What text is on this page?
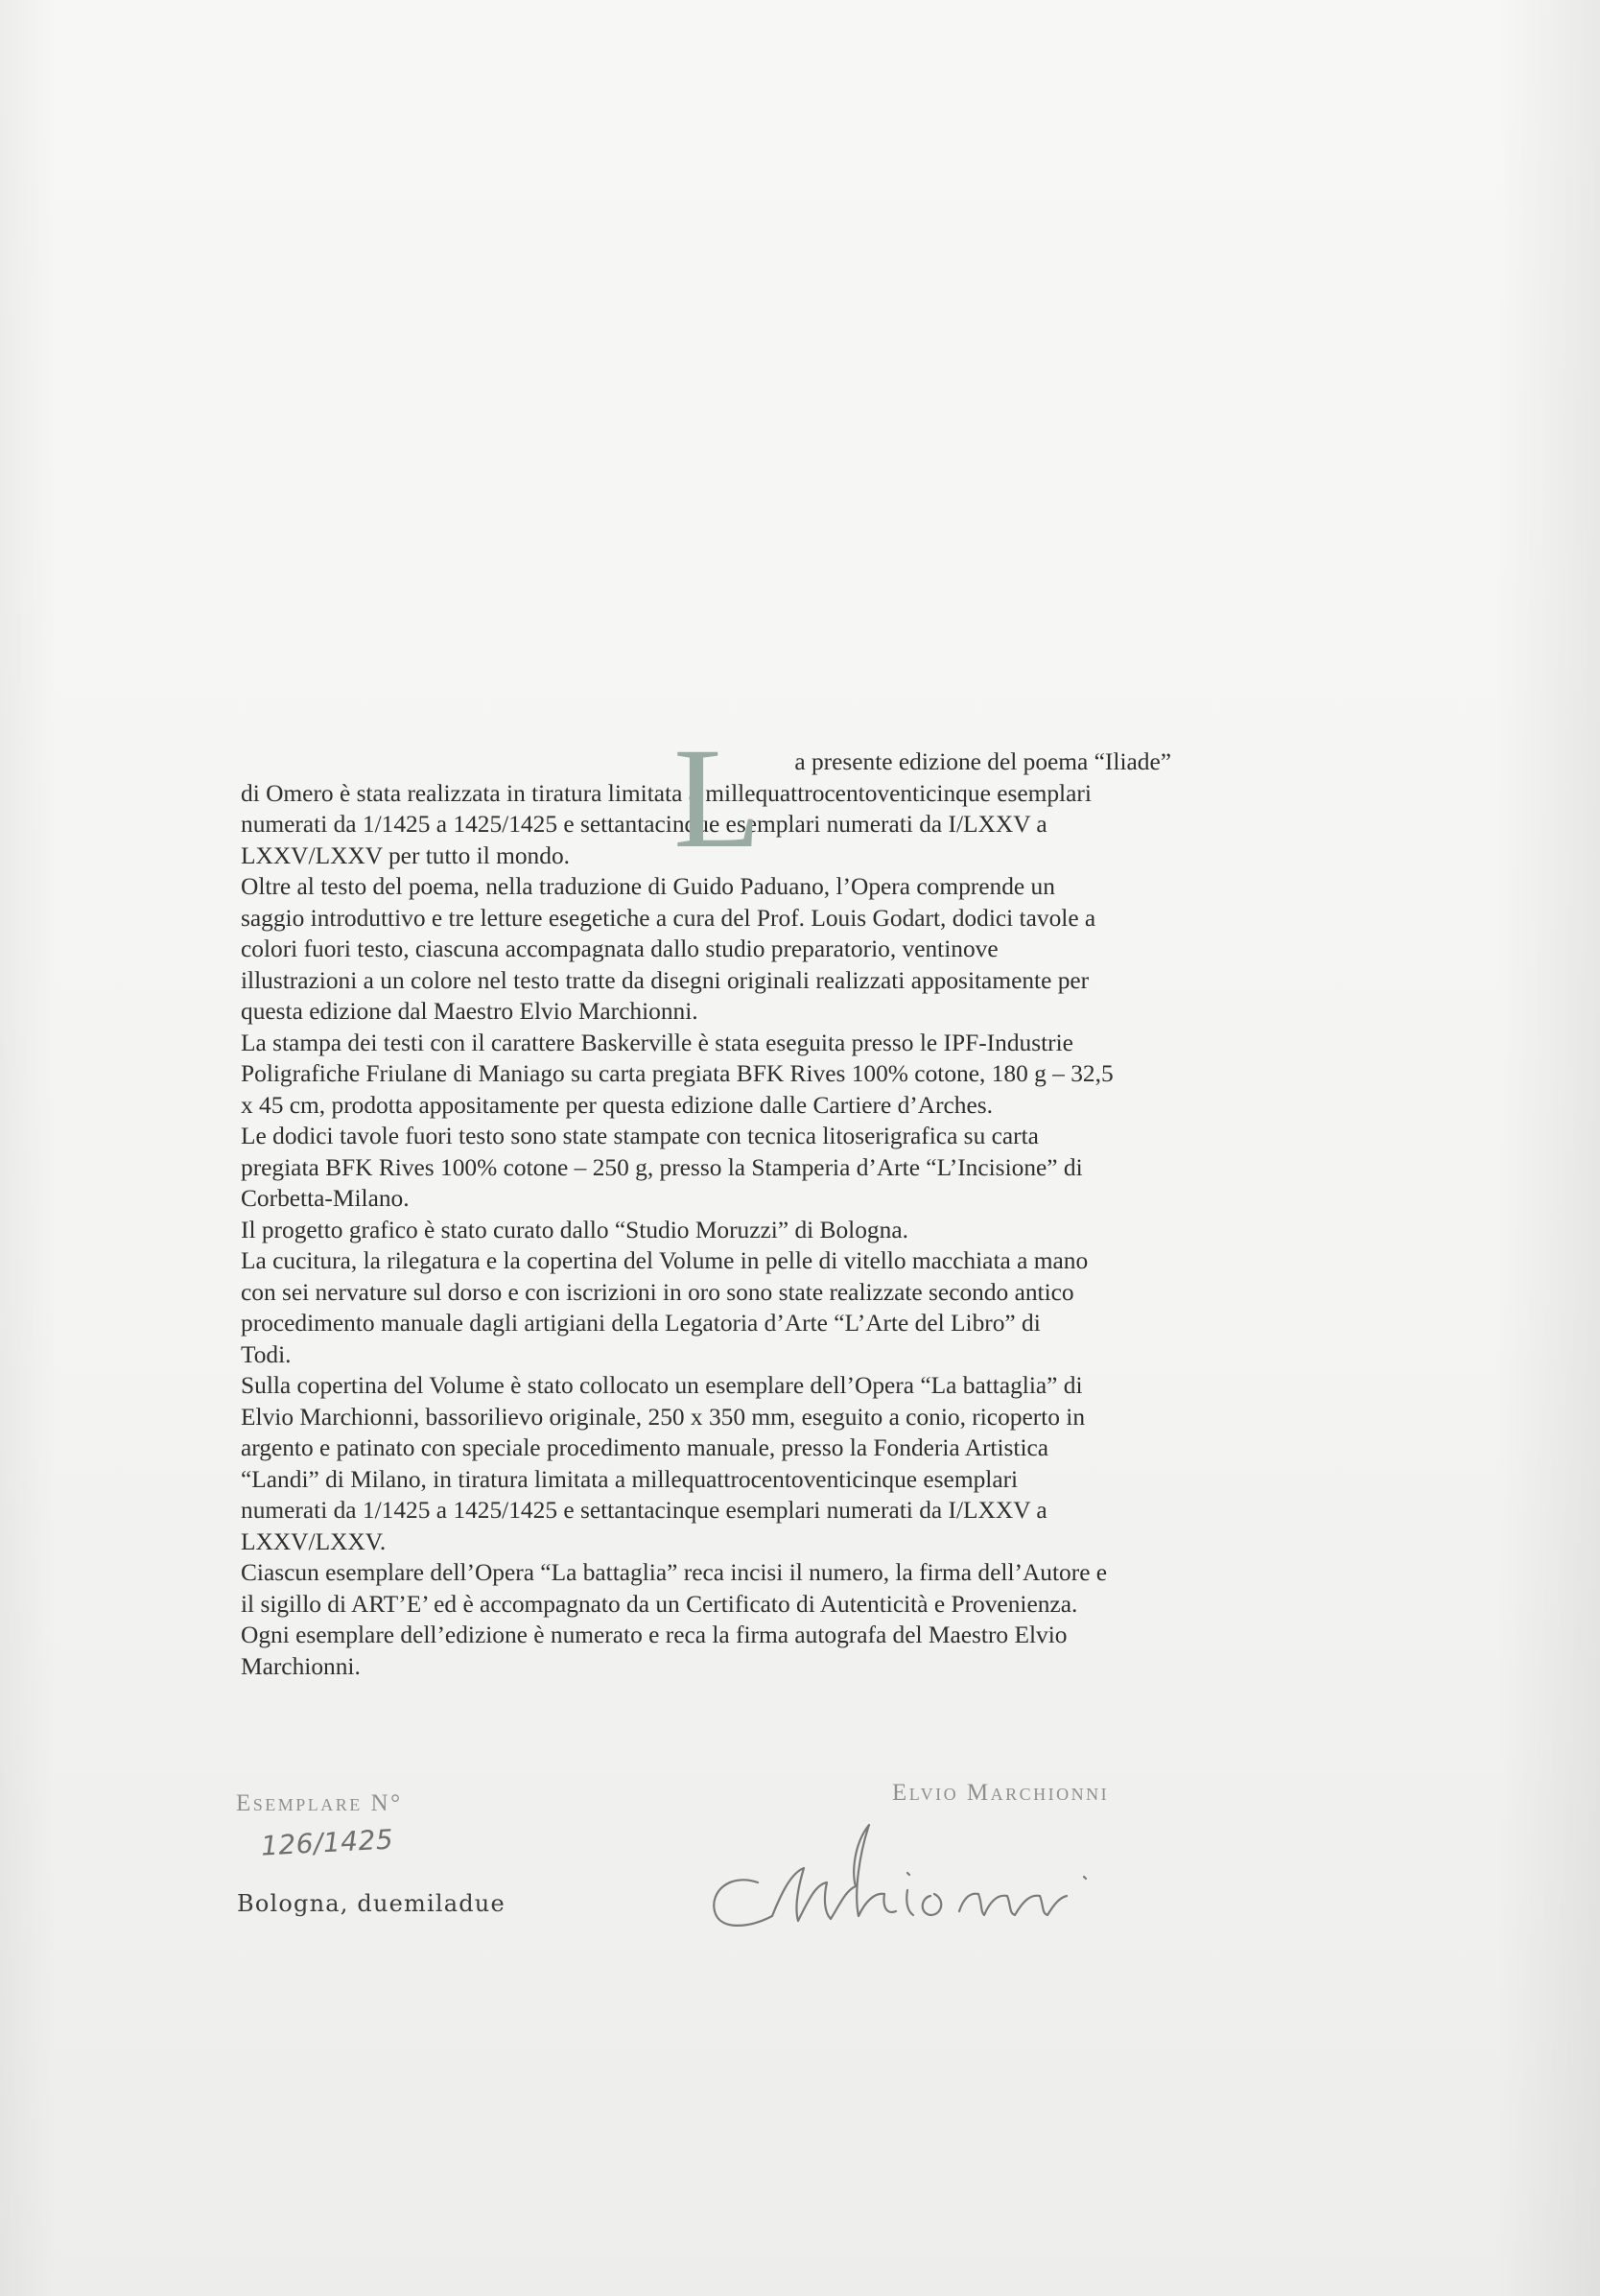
L	a presente edizione del poema “Iliade”
di Omero è stata realizzata in tiratura limitata a millequattrocentoventicinque esemplari
numerati da 1/1425 a 1425/1425 e settantacinque esemplari numerati da I/LXXV a
LXXV/LXXV per tutto il mondo.
Oltre al testo del poema, nella traduzione di Guido Paduano, l’Opera comprende un
saggio introduttivo e tre letture esegetiche a cura del Prof. Louis Godart, dodici tavole a
colori fuori testo, ciascuna accompagnata dallo studio preparatorio, ventinove
illustrazioni a un colore nel testo tratte da disegni originali realizzati appositamente per
questa edizione dal Maestro Elvio Marchionni.
La stampa dei testi con il carattere Baskerville è stata eseguita presso le IPF-Industrie
Poligrafiche Friulane di Maniago su carta pregiata BFK Rives 100% cotone, 180 g – 32,5
x 45 cm, prodotta appositamente per questa edizione dalle Cartiere d’Arches.
Le dodici tavole fuori testo sono state stampate con tecnica litoserigrafica su carta
pregiata BFK Rives 100% cotone – 250 g, presso la Stamperia d’Arte “L’Incisione” di
Corbetta-Milano.
Il progetto grafico è stato curato dallo “Studio Moruzzi” di Bologna.
La cucitura, la rilegatura e la copertina del Volume in pelle di vitello macchiata a mano
con sei nervature sul dorso e con iscrizioni in oro sono state realizzate secondo antico
procedimento manuale dagli artigiani della Legatoria d’Arte “L’Arte del Libro” di
Todi.
Sulla copertina del Volume è stato collocato un esemplare dell’Opera “La battaglia” di
Elvio Marchionni, bassorilievo originale, 250 x 350 mm, eseguito a conio, ricoperto in
argento e patinato con speciale procedimento manuale, presso la Fonderia Artistica
“Landi” di Milano, in tiratura limitata a millequattrocentoventicinque esemplari
numerati da 1/1425 a 1425/1425 e settantacinque esemplari numerati da I/LXXV a
LXXV/LXXV.
Ciascun esemplare dell’Opera “La battaglia” reca incisi il numero, la firma dell’Autore e
il sigillo di ART’E’ ed è accompagnato da un Certificato di Autenticità e Provenienza.
Ogni esemplare dell’edizione è numerato e reca la firma autografa del Maestro Elvio
Marchionni.
Esemplare N°
126/1425
Bologna, duemiladue
Elvio Marchionni
